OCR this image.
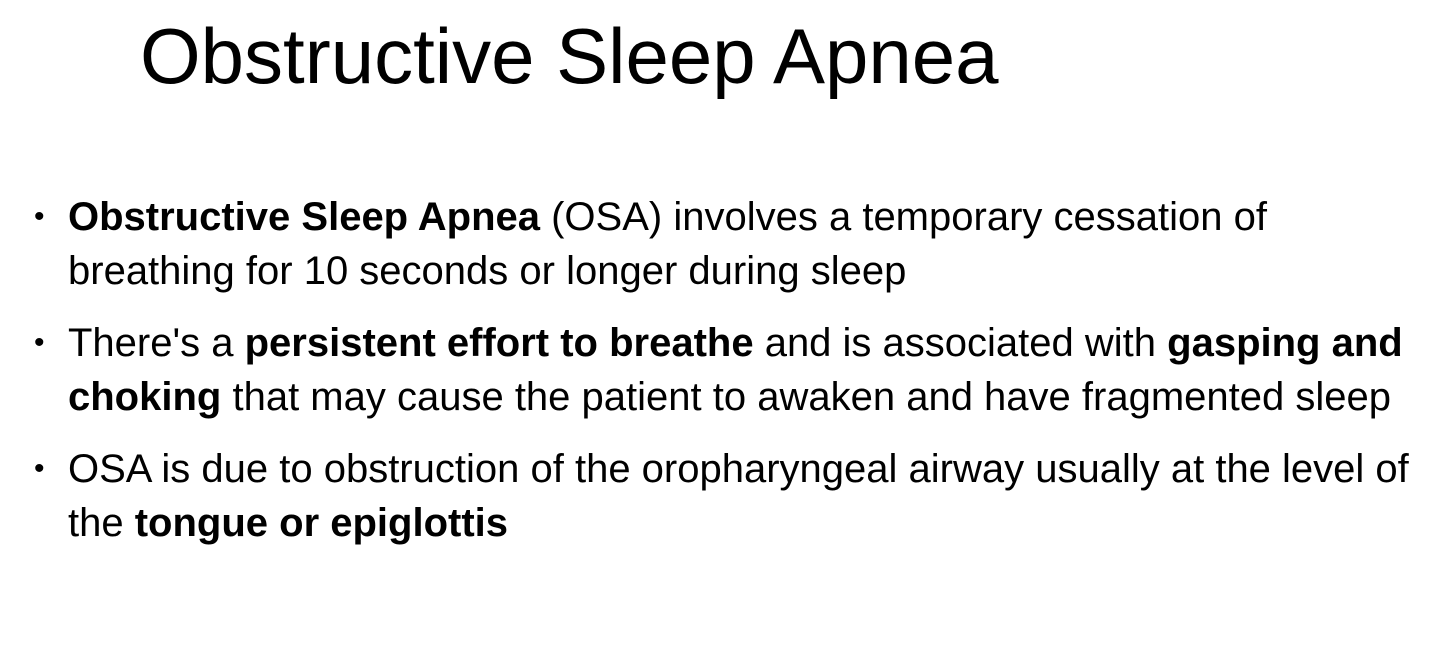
Obstructive Sleep Apnea
• Obstructive Sleep Apnea (OSA) involves a temporary cessation of breathing for 10 seconds or longer during sleep
• There's a persistent effort to breathe and is associated with gasping and choking that may cause the patient to awaken and have fragmented sleep
• OSA is due to obstruction of the oropharyngeal airway usually at the level of the tongue or epiglottis
